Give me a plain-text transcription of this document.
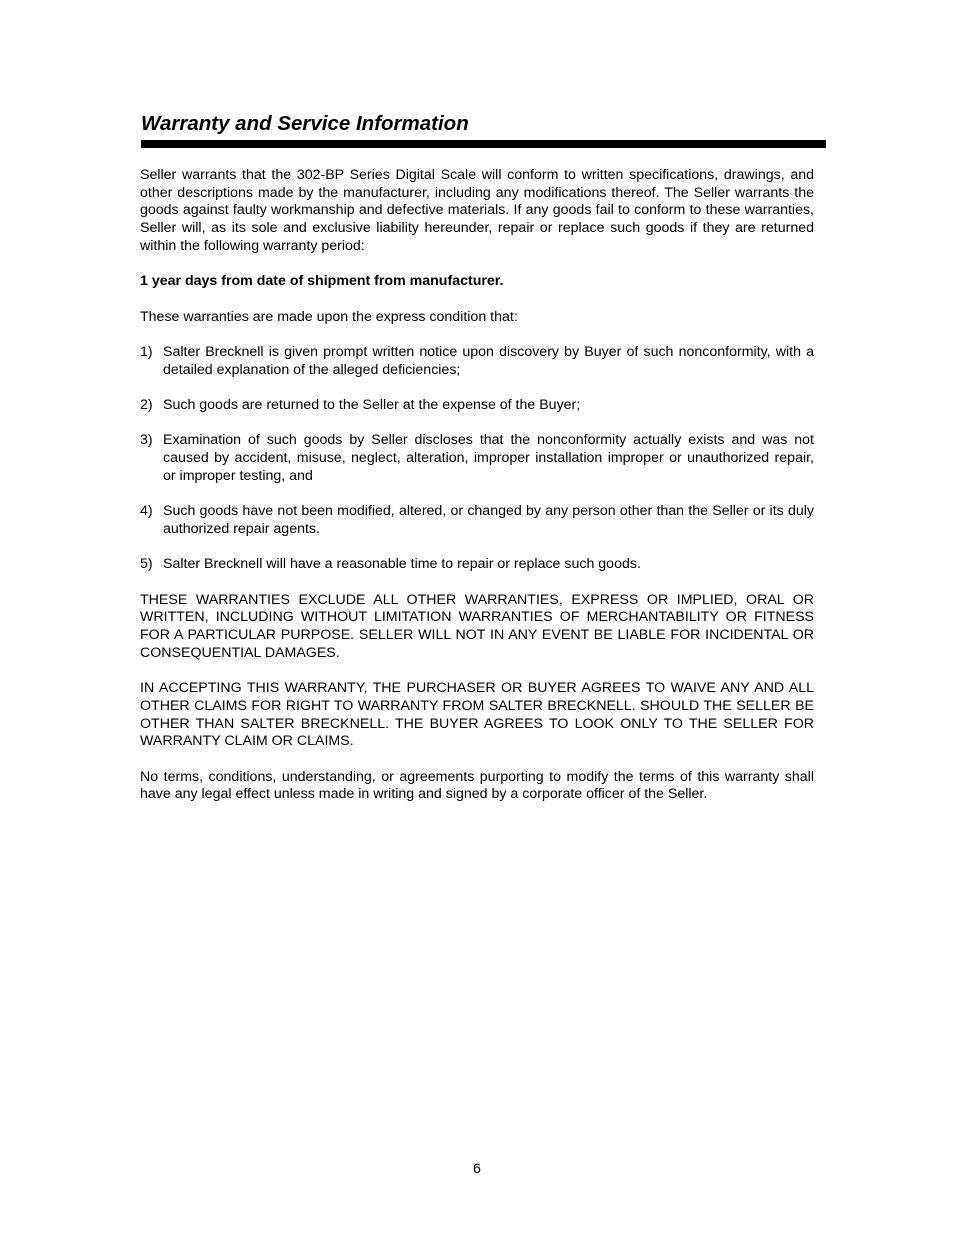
Warranty and Service Information

Seller warrants that the 302-BP Series Digital Scale will conform to written specifications, drawings, and other descriptions made by the manufacturer, including any modifications thereof. The Seller warrants the goods against faulty workmanship and defective materials. If any goods fail to conform to these warranties, Seller will, as its sole and exclusive liability hereunder, repair or replace such goods if they are returned within the following warranty period:

1 year days from date of shipment from manufacturer.

These warranties are made upon the express condition that:

1) Salter Brecknell is given prompt written notice upon discovery by Buyer of such nonconformity, with a detailed explanation of the alleged deficiencies;
2) Such goods are returned to the Seller at the expense of the Buyer;
3) Examination of such goods by Seller discloses that the nonconformity actually exists and was not caused by accident, misuse, neglect, alteration, improper installation improper or unauthorized repair, or improper testing, and
4) Such goods have not been modified, altered, or changed by any person other than the Seller or its duly authorized repair agents.
5) Salter Brecknell will have a reasonable time to repair or replace such goods.

THESE WARRANTIES EXCLUDE ALL OTHER WARRANTIES, EXPRESS OR IMPLIED, ORAL OR WRITTEN, INCLUDING WITHOUT LIMITATION WARRANTIES OF MERCHANTABILITY OR FITNESS FOR A PARTICULAR PURPOSE. SELLER WILL NOT IN ANY EVENT BE LIABLE FOR INCIDENTAL OR CONSEQUENTIAL DAMAGES.

IN ACCEPTING THIS WARRANTY, THE PURCHASER OR BUYER AGREES TO WAIVE ANY AND ALL OTHER CLAIMS FOR RIGHT TO WARRANTY FROM SALTER BRECKNELL. SHOULD THE SELLER BE OTHER THAN SALTER BRECKNELL. THE BUYER AGREES TO LOOK ONLY TO THE SELLER FOR WARRANTY CLAIM OR CLAIMS.

No terms, conditions, understanding, or agreements purporting to modify the terms of this warranty shall have any legal effect unless made in writing and signed by a corporate officer of the Seller.

6
